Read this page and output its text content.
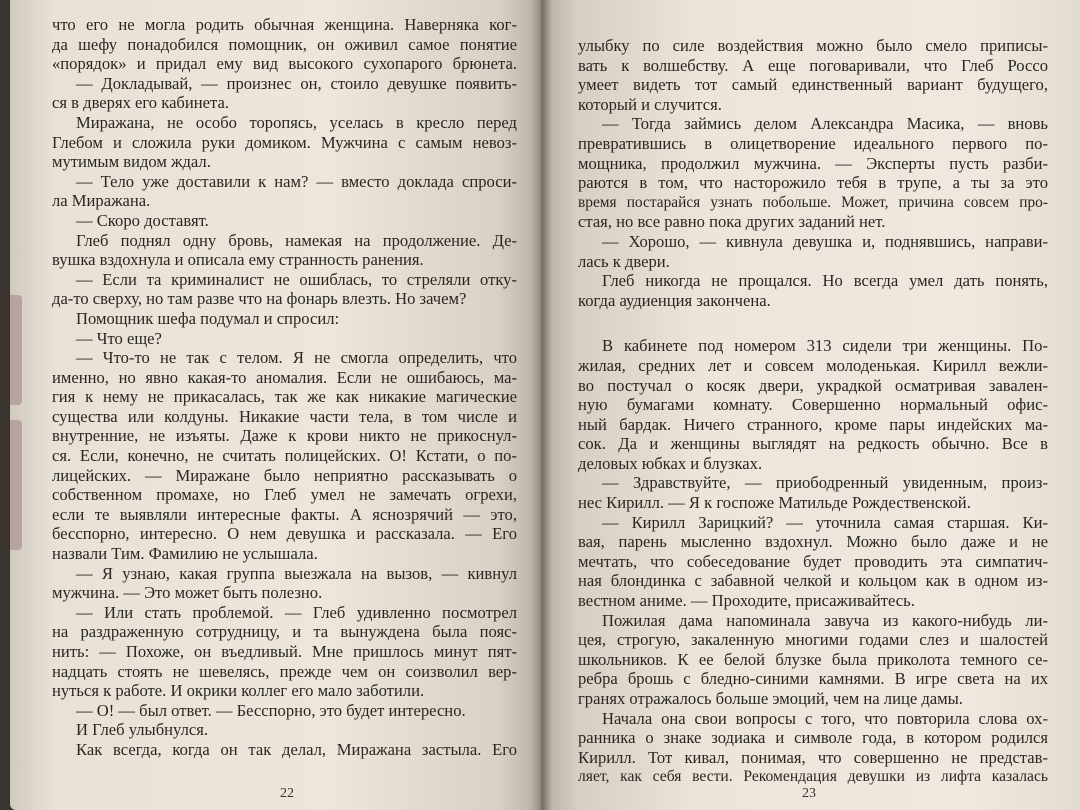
что его не могла родить обычная женщина. Наверняка ког-
да шефу понадобился помощник, он оживил самое понятие
«порядок» и придал ему вид высокого сухопарого брюнета.
— Докладывай, — произнес он, стоило девушке появить-
ся в дверях его кабинета.
Миражана, не особо торопясь, уселась в кресло перед
Глебом и сложила руки домиком. Мужчина с самым невоз-
мутимым видом ждал.
— Тело уже доставили к нам? — вместо доклада спроси-
ла Миражана.
— Скоро доставят.
Глеб поднял одну бровь, намекая на продолжение. Де-
вушка вздохнула и описала ему странность ранения.
— Если та криминалист не ошиблась, то стреляли отку-
да-то сверху, но там разве что на фонарь влезть. Но зачем?
Помощник шефа подумал и спросил:
— Что еще?
— Что-то не так с телом. Я не смогла определить, что
именно, но явно какая-то аномалия. Если не ошибаюсь, ма-
гия к нему не прикасалась, так же как никакие магические
существа или колдуны. Никакие части тела, в том числе и
внутренние, не изъяты. Даже к крови никто не прикоснул-
ся. Если, конечно, не считать полицейских. О! Кстати, о по-
лицейских. — Миражане было неприятно рассказывать о
собственном промахе, но Глеб умел не замечать огрехи,
если те выявляли интересные факты. А яснозрячий — это,
бесспорно, интересно. О нем девушка и рассказала. — Его
назвали Тим. Фамилию не услышала.
— Я узнаю, какая группа выезжала на вызов, — кивнул
мужчина. — Это может быть полезно.
— Или стать проблемой. — Глеб удивленно посмотрел
на раздраженную сотрудницу, и та вынуждена была пояс-
нить: — Похоже, он въедливый. Мне пришлось минут пят-
надцать стоять не шевелясь, прежде чем он соизволил вер-
нуться к работе. И окрики коллег его мало заботили.
— О! — был ответ. — Бесспорно, это будет интересно.
И Глеб улыбнулся.
Как всегда, когда он так делал, Миражана застыла. Его
22
улыбку по силе воздействия можно было смело приписы-
вать к волшебству. А еще поговаривали, что Глеб Россо
умеет видеть тот самый единственный вариант будущего,
который и случится.
— Тогда займись делом Александра Масика, — вновь
превратившись в олицетворение идеального первого по-
мощника, продолжил мужчина. — Эксперты пусть разби-
раются в том, что насторожило тебя в трупе, а ты за это
время постарайся узнать побольше. Может, причина совсем про-
стая, но все равно пока других заданий нет.
— Хорошо, — кивнула девушка и, поднявшись, направи-
лась к двери.
Глеб никогда не прощался. Но всегда умел дать понять,
когда аудиенция закончена.
В кабинете под номером 313 сидели три женщины. По-
жилая, средних лет и совсем молоденькая. Кирилл вежли-
во постучал о косяк двери, украдкой осматривая завален-
ную бумагами комнату. Совершенно нормальный офис-
ный бардак. Ничего странного, кроме пары индейских ма-
сок. Да и женщины выглядят на редкость обычно. Все в
деловых юбках и блузках.
— Здравствуйте, — приободренный увиденным, произ-
нес Кирилл. — Я к госпоже Матильде Рождественской.
— Кирилл Зарицкий? — уточнила самая старшая. Ки-
вая, парень мысленно вздохнул. Можно было даже и не
мечтать, что собеседование будет проводить эта симпатич-
ная блондинка с забавной челкой и кольцом как в одном из-
вестном аниме. — Проходите, присаживайтесь.
Пожилая дама напоминала завуча из какого-нибудь ли-
цея, строгую, закаленную многими годами слез и шалостей
школьников. К ее белой блузке была приколота темного се-
ребра брошь с бледно-синими камнями. В игре света на их
гранях отражалось больше эмоций, чем на лице дамы.
Начала она свои вопросы с того, что повторила слова ох-
ранника о знаке зодиака и символе года, в котором родился
Кирилл. Тот кивал, понимая, что совершенно не представ-
ляет, как себя вести. Рекомендация девушки из лифта казалась
23
